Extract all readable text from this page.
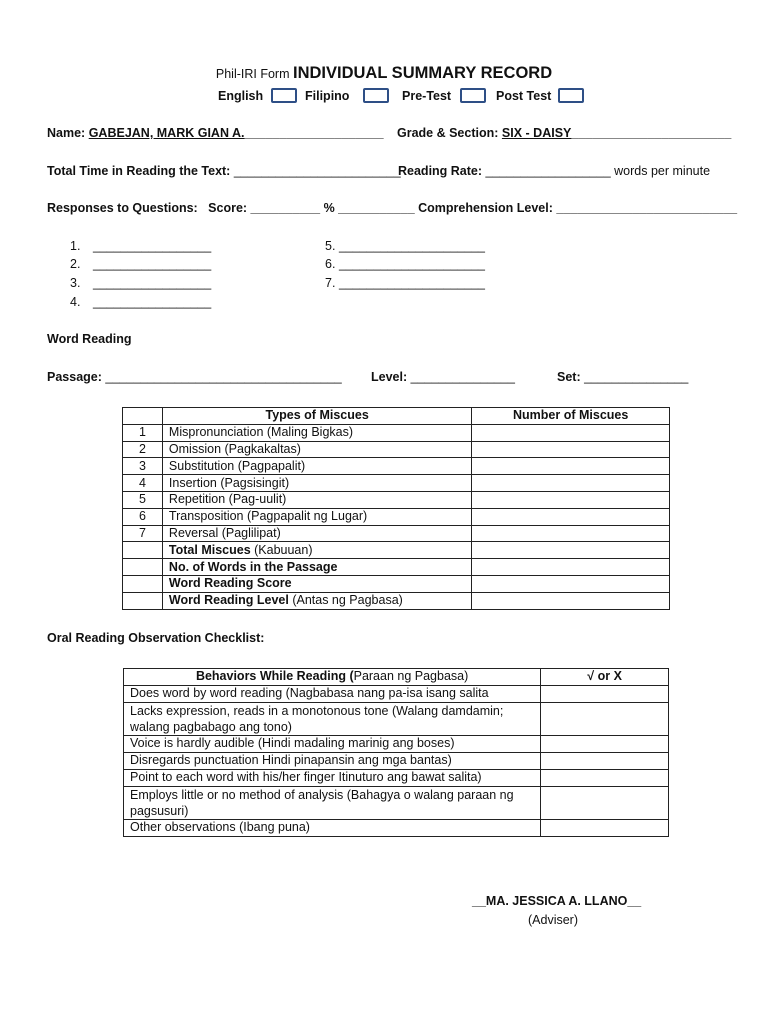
Phil-IRI Form INDIVIDUAL SUMMARY RECORD
English	Filipino	Pre-Test	Post Test
Name: GABEJAN, MARK GIAN A.____________________ Grade & Section: SIX - DAISY_______________________
Total Time in Reading the Text: ________________________
Reading Rate: __________________ words per minute
Responses to Questions: Score: __________ % ___________ Comprehension Level: __________________________
1. _________________
2. _________________
3. _________________
4. _________________
5. _____________________
6. _____________________
7. _____________________
Word Reading
Passage: __________________________________ Level: _______________	Set: _______________
	Types of Miscues	Number of Miscues
1	Mispronunciation (Maling Bigkas)	
2	Omission (Pagkakaltas)	
3	Substitution (Pagpapalit)	
4	Insertion (Pagsisingit)	
5	Repetition (Pag-uulit)	
6	Transposition (Pagpapalit ng Lugar)	
7	Reversal (Paglilipat)	
	Total Miscues (Kabuuan)	
	No. of Words in the Passage	
	Word Reading Score	
	Word Reading Level (Antas ng Pagbasa)	
Oral Reading Observation Checklist:
Behaviors While Reading (Paraan ng Pagbasa)	√ or X
Does word by word reading (Nagbabasa nang pa-isa isang salita	
Lacks expression, reads in a monotonous tone (Walang damdamin; walang pagbabago ang tono)	
Voice is hardly audible (Hindi madaling marinig ang boses)	
Disregards punctuation Hindi pinapansin ang mga bantas)	
Point to each word with his/her finger Itinuturo ang bawat salita)	
Employs little or no method of analysis (Bahagya o walang paraan ng pagsusuri)	
Other observations (Ibang puna)	
__MA. JESSICA A. LLANO__
(Adviser)
